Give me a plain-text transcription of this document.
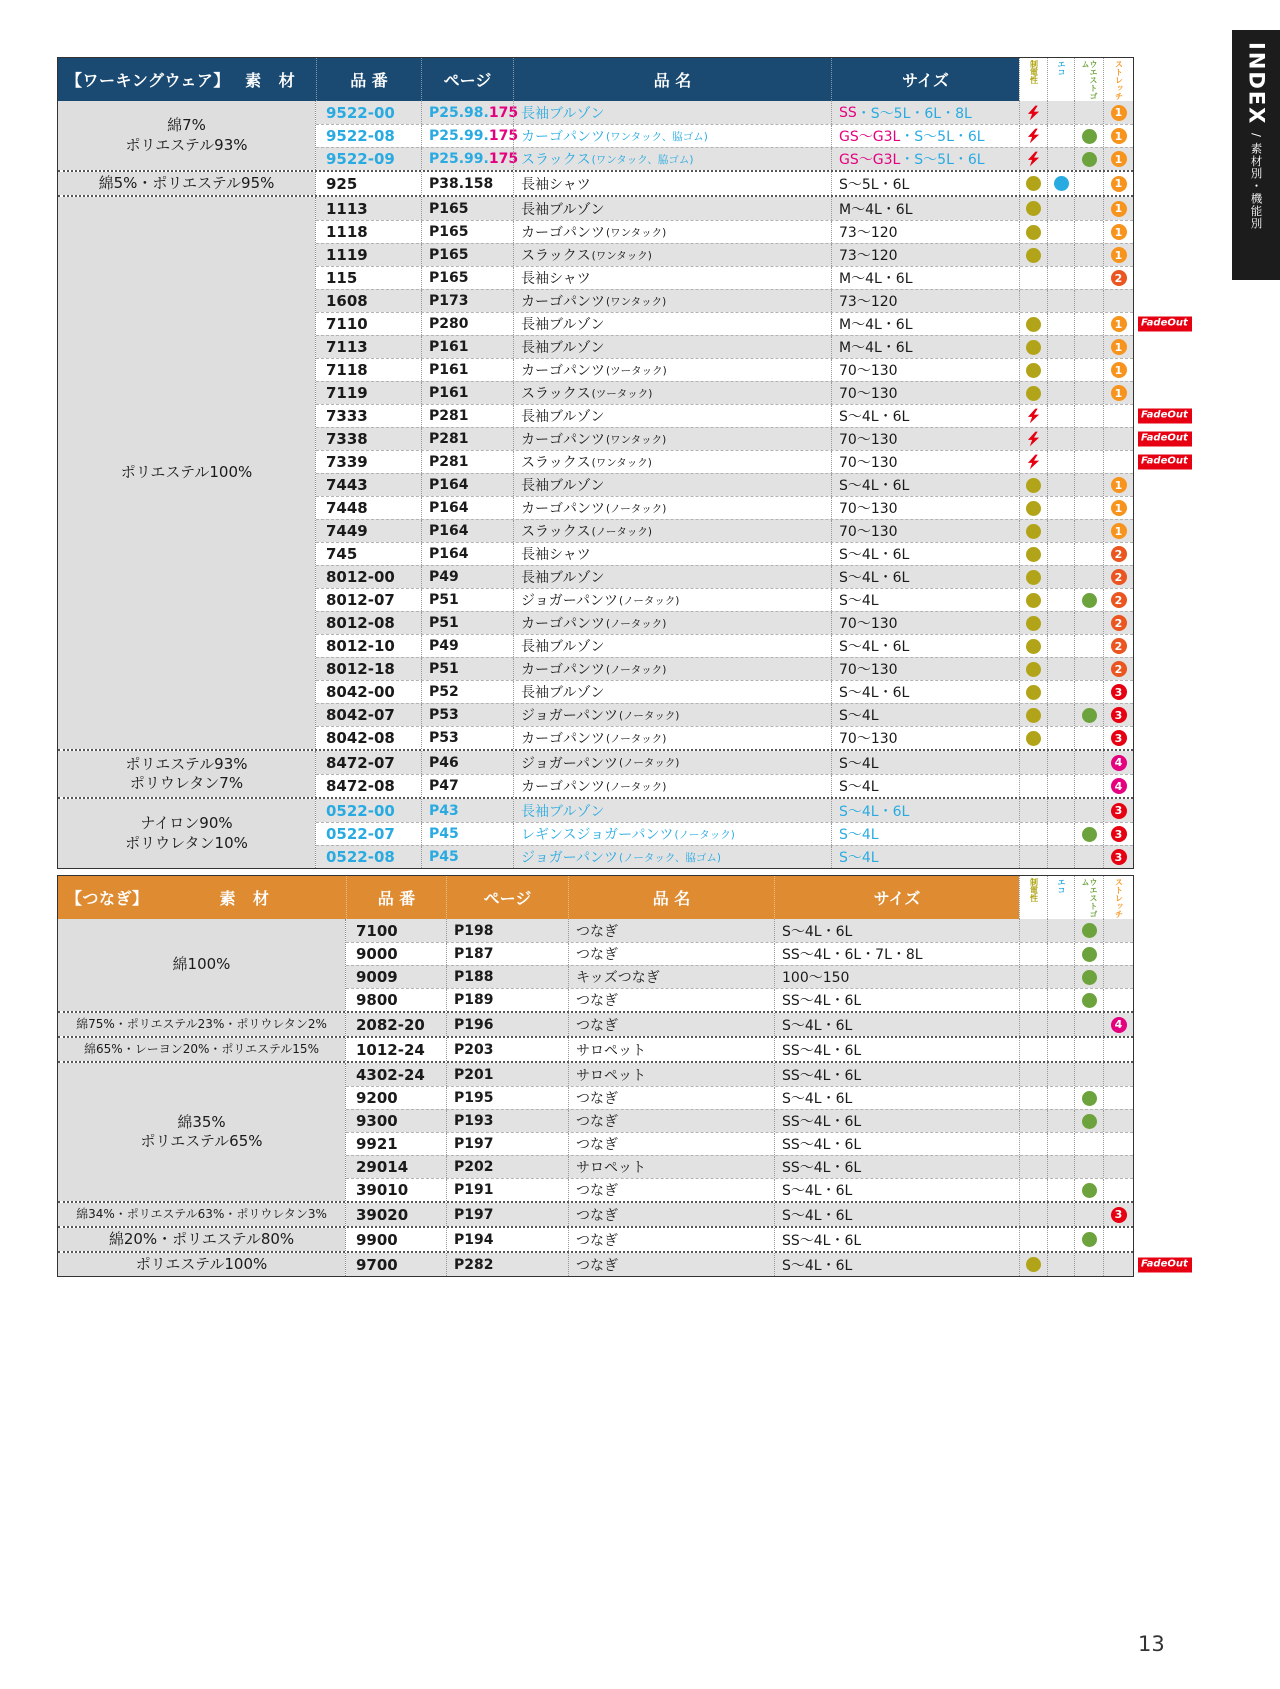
【ワーキングウェア】 素 材	品 番	ページ	品 名	サイズ	制電性 エコ	ウエストゴム	ストレッチ
綿7%
ポリエステル93%
9522-00	P25.98. 175 長袖ブルゾン	SS ・S〜5L・6L・8L	1
9522-08	P25.99. 175 カーゴパンツ (ワンタック、脇ゴム)	GS〜G3L ・S〜5L・6L	1
9522-09	P25.99. 175 スラックス (ワンタック、脇ゴム)	GS〜G3L ・S〜5L・6L	1
綿5%・ポリエステル95%	925	P38.158 長袖シャツ	S〜5L・6L	1
ポリエステル100%
1113	P165	長袖ブルゾン	M〜4L・6L	1
1118	P165	カーゴパンツ (ワンタック)	73〜120	1
1119	P165	スラックス (ワンタック)	73〜120	1
115	P165	長袖シャツ	M〜4L・6L	2
1608	P173	カーゴパンツ (ワンタック)	73〜120
7110	P280	長袖ブルゾン	M〜4L・6L	1	FadeOut
7113	P161	長袖ブルゾン	M〜4L・6L	1
7118	P161	カーゴパンツ (ツータック)	70〜130	1
7119	P161	スラックス (ツータック)	70〜130	1
7333	P281	長袖ブルゾン	S〜4L・6L	FadeOut
7338	P281	カーゴパンツ (ワンタック)	70〜130	FadeOut
7339	P281	スラックス (ワンタック)	70〜130	FadeOut
7443	P164	長袖ブルゾン	S〜4L・6L	1
7448	P164	カーゴパンツ (ノータック)	70〜130	1
7449	P164	スラックス (ノータック)	70〜130	1
745	P164	長袖シャツ	S〜4L・6L	2
8012-00	P49	長袖ブルゾン	S〜4L・6L	2
8012-07	P51	ジョガーパンツ (ノータック)	S〜4L	2
8012-08	P51	カーゴパンツ (ノータック)	70〜130	2
8012-10	P49	長袖ブルゾン	S〜4L・6L	2
8012-18	P51	カーゴパンツ (ノータック)	70〜130	2
8042-00	P52	長袖ブルゾン	S〜4L・6L	3
8042-07	P53	ジョガーパンツ (ノータック)	S〜4L	3
8042-08	P53	カーゴパンツ (ノータック)	70〜130	3
ポリエステル93%
ポリウレタン7%
8472-07	P46	ジョガーパンツ (ノータック)	S〜4L	4
8472-08	P47	カーゴパンツ (ノータック)	S〜4L	4
ナイロン90%
ポリウレタン10%
0522-00	P43	長袖ブルゾン	S〜4L・6L	3
0522-07	P45	レギンスジョガーパンツ (ノータック)	S〜4L	3
0522-08	P45	ジョガーパンツ (ノータック、脇ゴム)	S〜4L	3
【つなぎ】	素 材	品 番	ページ	品 名	サイズ	制電性 エコ	ウエストゴム	ストレッチ
綿100%
7100	P198	つなぎ	S〜4L・6L
9000	P187	つなぎ	SS〜4L・6L・7L・8L
9009	P188	キッズつなぎ	100〜150
9800	P189	つなぎ	SS〜4L・6L
綿75%・ポリエステル23%・ポリウレタン2%	2082-20	P196	つなぎ	S〜4L・6L	4
綿65%・レーヨン20%・ポリエステル15%	1012-24	P203	サロペット	SS〜4L・6L
綿35%
ポリエステル65%
4302-24	P201	サロペット	SS〜4L・6L
9200	P195	つなぎ	S〜4L・6L
9300	P193	つなぎ	SS〜4L・6L
9921	P197	つなぎ	SS〜4L・6L
29014	P202	サロペット	SS〜4L・6L
39010	P191	つなぎ	S〜4L・6L
綿34%・ポリエステル63%・ポリウレタン3%	39020	P197	つなぎ	S〜4L・6L	3
綿20%・ポリエステル80%	9900	P194	つなぎ	SS〜4L・6L
ポリエステル100%	9700	P282	つなぎ	S〜4L・6L	FadeOut
INDEX/ 素材別・機能別
13
